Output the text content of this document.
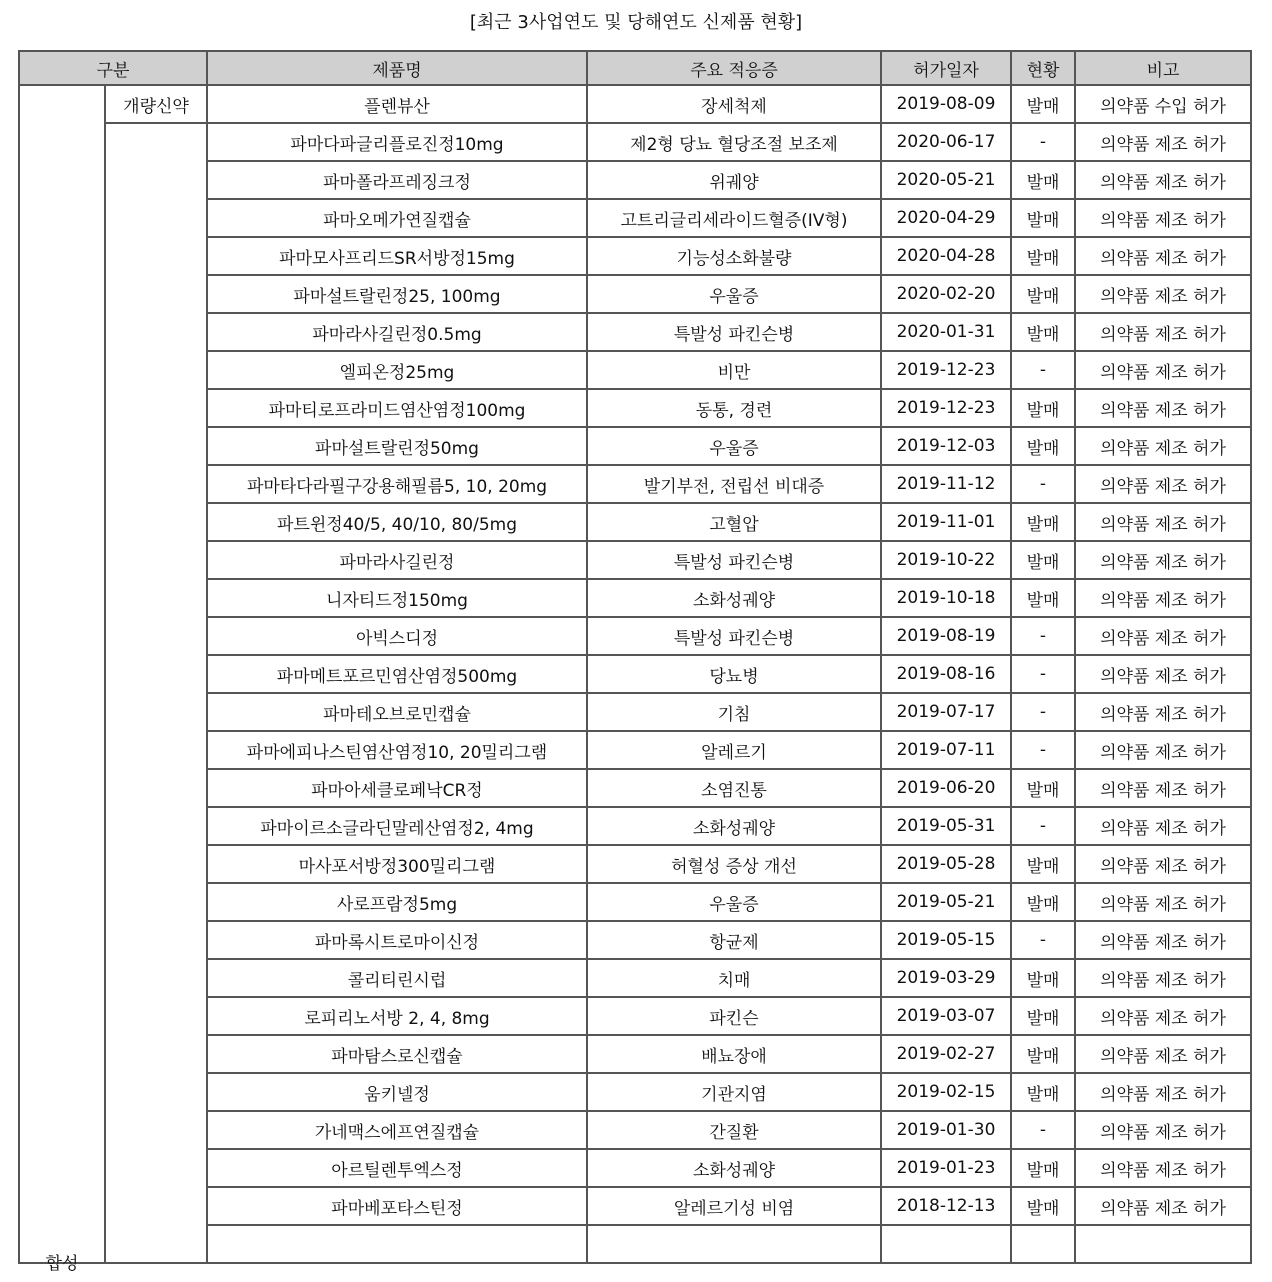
[최근 3사업연도 및 당해연도 신제품 현황]
구분		제품명	주요 적응증	허가일자	현황	비고

합성	개량신약	플렌뷰산	장세척제	2019-08-09	발매	의약품 수입 허가
		파마다파글리플로진정10mg	제2형 당뇨 혈당조절 보조제	2020-06-17	-	의약품 제조 허가
		파마폴라프레징크정	위궤양	2020-05-21	발매	의약품 제조 허가
		파마오메가연질캡슐	고트리글리세라이드혈증(IV형)	2020-04-29	발매	의약품 제조 허가
		파마모사프리드SR서방정15mg	기능성소화불량	2020-04-28	발매	의약품 제조 허가
		파마설트랄린정25, 100mg	우울증	2020-02-20	발매	의약품 제조 허가
		파마라사길린정0.5mg	특발성 파킨슨병	2020-01-31	발매	의약품 제조 허가
		엘피온정25mg	비만	2019-12-23	-	의약품 제조 허가
		파마티로프라미드염산염정100mg	동통, 경련	2019-12-23	발매	의약품 제조 허가
		파마설트랄린정50mg	우울증	2019-12-03	발매	의약품 제조 허가
		파마타다라필구강용해필름5, 10, 20mg	발기부전, 전립선 비대증	2019-11-12	-	의약품 제조 허가
		파트윈정40/5, 40/10, 80/5mg	고혈압	2019-11-01	발매	의약품 제조 허가
		파마라사길린정	특발성 파킨슨병	2019-10-22	발매	의약품 제조 허가
		니자티드정150mg	소화성궤양	2019-10-18	발매	의약품 제조 허가
		아빅스디정	특발성 파킨슨병	2019-08-19	-	의약품 제조 허가
		파마메트포르민염산염정500mg	당뇨병	2019-08-16	-	의약품 제조 허가
		파마테오브로민캡슐	기침	2019-07-17	-	의약품 제조 허가
		파마에피나스틴염산염정10, 20밀리그램	알레르기	2019-07-11	-	의약품 제조 허가
		파마아세클로페낙CR정	소염진통	2019-06-20	발매	의약품 제조 허가
		파마이르소글라딘말레산염정2, 4mg	소화성궤양	2019-05-31	-	의약품 제조 허가
		마사포서방정300밀리그램	허혈성 증상 개선	2019-05-28	발매	의약품 제조 허가
		사로프람정5mg	우울증	2019-05-21	발매	의약품 제조 허가
		파마록시트로마이신정	항균제	2019-05-15	-	의약품 제조 허가
		콜리티린시럽	치매	2019-03-29	발매	의약품 제조 허가
		로피리노서방 2, 4, 8mg	파킨슨	2019-03-07	발매	의약품 제조 허가
		파마탐스로신캡슐	배뇨장애	2019-02-27	발매	의약품 제조 허가
		움키넬정	기관지염	2019-02-15	발매	의약품 제조 허가
		가네맥스에프연질캡슐	간질환	2019-01-30	-	의약품 제조 허가
		아르틸렌투엑스정	소화성궤양	2019-01-23	발매	의약품 제조 허가
		파마베포타스틴정	알레르기성 비염	2018-12-13	발매	의약품 제조 허가
